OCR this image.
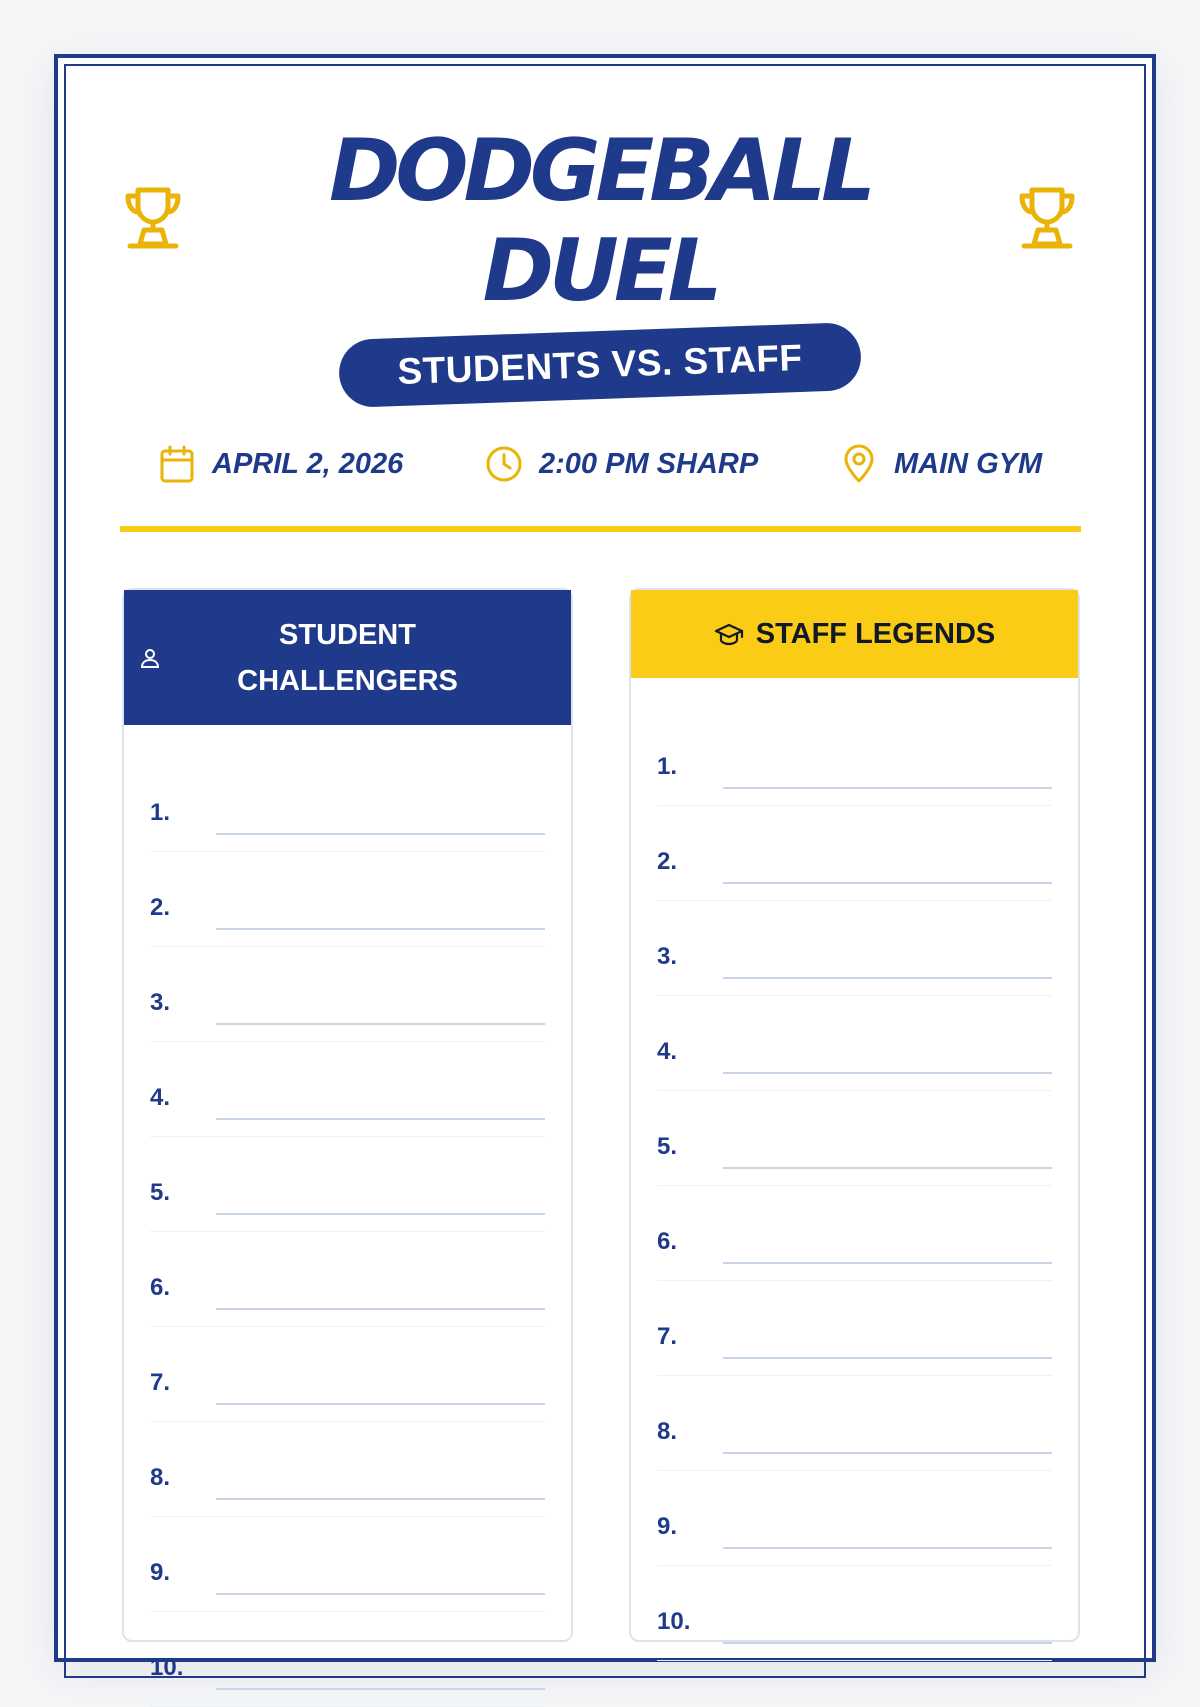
DODGEBALL
DUEL
STUDENTS VS. STAFF
APRIL 2, 2026	2:00 PM SHARP	MAIN GYM
STUDENT
CHALLENGERS
1.
2.
3.
4.
5.
6.
7.
8.
9.
10.
STAFF LEGENDS
1.
2.
3.
4.
5.
6.
7.
8.
9.
10.
